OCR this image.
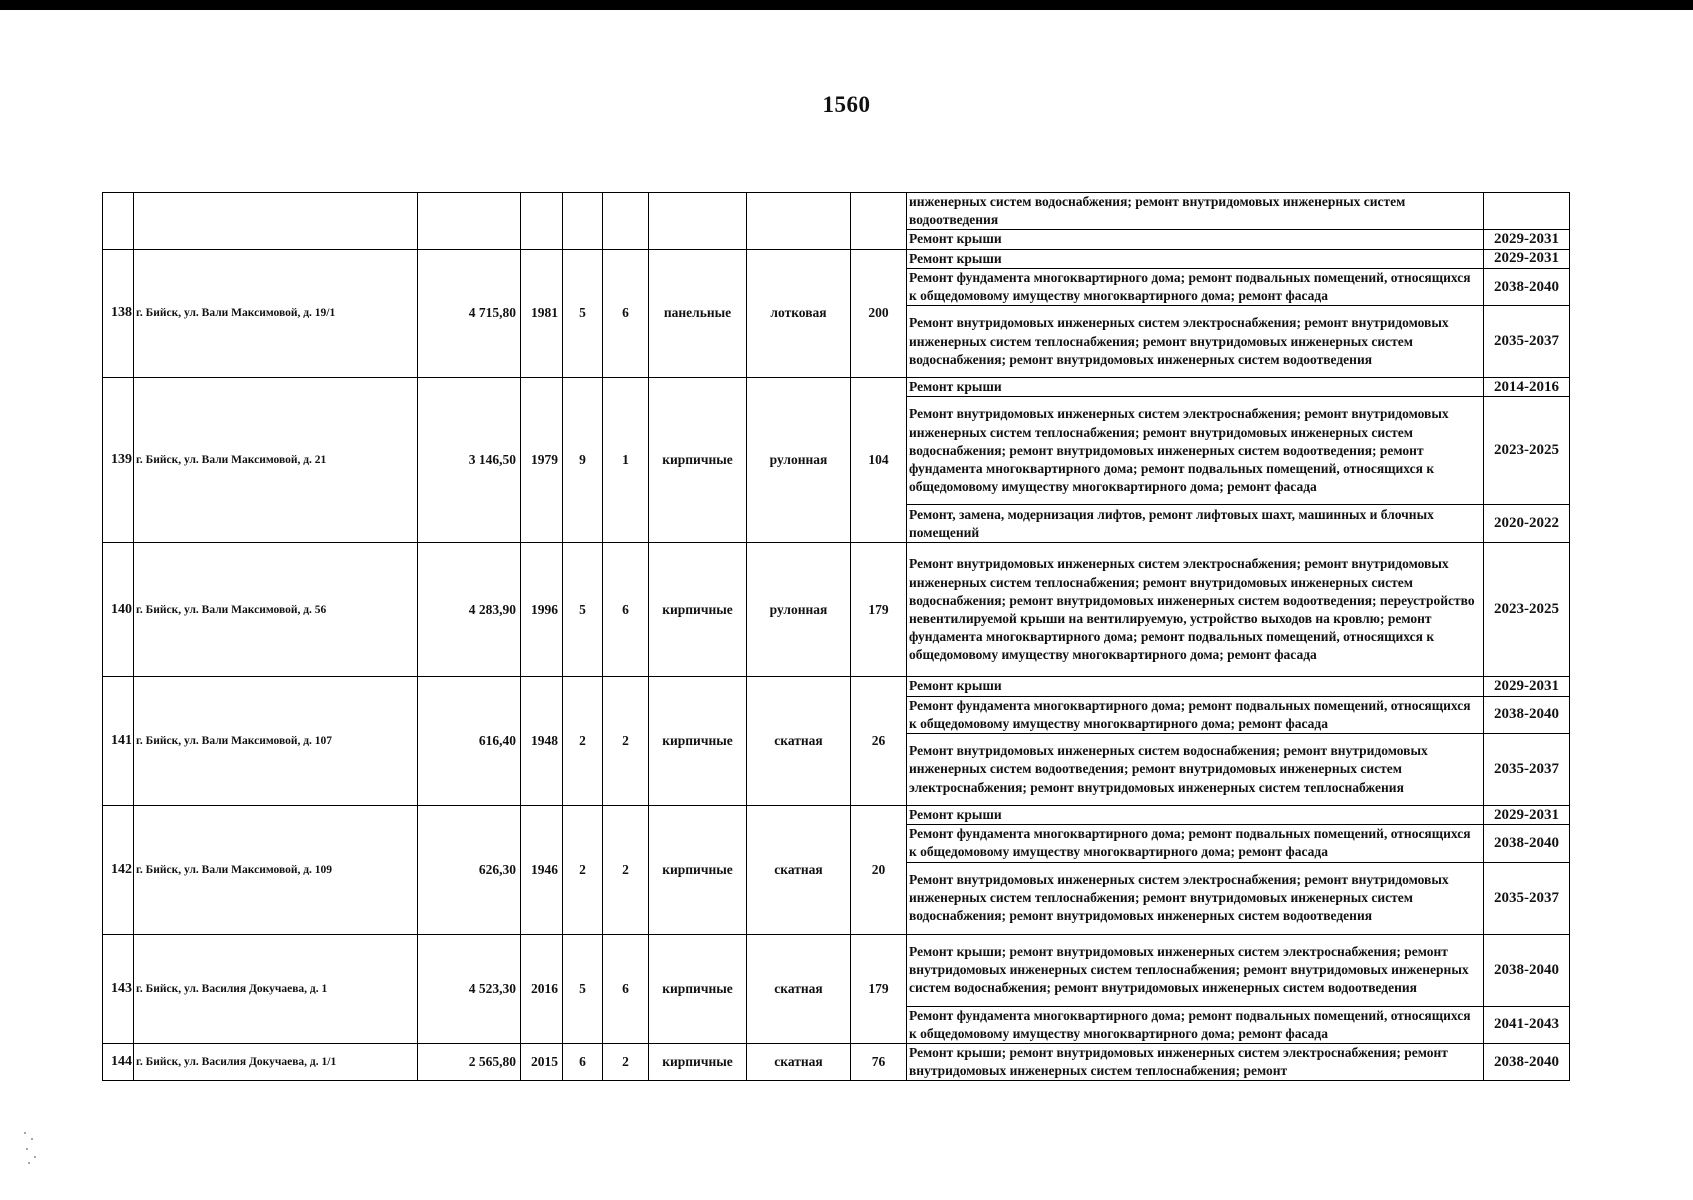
1560
									инженерных систем водоснабжения; ремонт внутридомовых инженерных систем водоотведения	
									Ремонт крыши	2029-2031
138	г. Бийск, ул. Вали Максимовой, д. 19/1	4 715,80	1981	5	6	панельные	лотковая	200	Ремонт крыши	2029-2031
									Ремонт фундамента многоквартирного дома; ремонт подвальных помещений, относящихся к общедомовому имуществу многоквартирного дома; ремонт фасада	2038-2040
									Ремонт внутридомовых инженерных систем электроснабжения; ремонт внутридомовых инженерных систем теплоснабжения; ремонт внутридомовых инженерных систем водоснабжения; ремонт внутридомовых инженерных систем водоотведения	2035-2037
139	г. Бийск, ул. Вали Максимовой, д. 21	3 146,50	1979	9	1	кирпичные	рулонная	104	Ремонт крыши	2014-2016
									Ремонт внутридомовых инженерных систем электроснабжения; ремонт внутридомовых инженерных систем теплоснабжения; ремонт внутридомовых инженерных систем водоснабжения; ремонт внутридомовых инженерных систем водоотведения; ремонт фундамента многоквартирного дома; ремонт подвальных помещений, относящихся к общедомовому имуществу многоквартирного дома; ремонт фасада	2023-2025
									Ремонт, замена, модернизация лифтов, ремонт лифтовых шахт, машинных и блочных помещений	2020-2022
140	г. Бийск, ул. Вали Максимовой, д. 56	4 283,90	1996	5	6	кирпичные	рулонная	179	Ремонт внутридомовых инженерных систем электроснабжения; ремонт внутридомовых инженерных систем теплоснабжения; ремонт внутридомовых инженерных систем водоснабжения; ремонт внутридомовых инженерных систем водоотведения; переустройство невентилируемой крыши на вентилируемую, устройство выходов на кровлю; ремонт фундамента многоквартирного дома; ремонт подвальных помещений, относящихся к общедомовому имуществу многоквартирного дома; ремонт фасада	2023-2025
141	г. Бийск, ул. Вали Максимовой, д. 107	616,40	1948	2	2	кирпичные	скатная	26	Ремонт крыши	2029-2031
									Ремонт фундамента многоквартирного дома; ремонт подвальных помещений, относящихся к общедомовому имуществу многоквартирного дома; ремонт фасада	2038-2040
									Ремонт внутридомовых инженерных систем водоснабжения; ремонт внутридомовых инженерных систем водоотведения; ремонт внутридомовых инженерных систем электроснабжения; ремонт внутридомовых инженерных систем теплоснабжения	2035-2037
142	г. Бийск, ул. Вали Максимовой, д. 109	626,30	1946	2	2	кирпичные	скатная	20	Ремонт крыши	2029-2031
									Ремонт фундамента многоквартирного дома; ремонт подвальных помещений, относящихся к общедомовому имуществу многоквартирного дома; ремонт фасада	2038-2040
									Ремонт внутридомовых инженерных систем электроснабжения; ремонт внутридомовых инженерных систем теплоснабжения; ремонт внутридомовых инженерных систем водоснабжения; ремонт внутридомовых инженерных систем водоотведения	2035-2037
143	г. Бийск, ул. Василия Докучаева, д. 1	4 523,30	2016	5	6	кирпичные	скатная	179	Ремонт крыши; ремонт внутридомовых инженерных систем электроснабжения; ремонт внутридомовых инженерных систем теплоснабжения; ремонт внутридомовых инженерных систем водоснабжения; ремонт внутридомовых инженерных систем водоотведения	2038-2040
									Ремонт фундамента многоквартирного дома; ремонт подвальных помещений, относящихся к общедомовому имуществу многоквартирного дома; ремонт фасада	2041-2043
144	г. Бийск, ул. Василия Докучаева, д. 1/1	2 565,80	2015	6	2	кирпичные	скатная	76	Ремонт крыши; ремонт внутридомовых инженерных систем электроснабжения; ремонт внутридомовых инженерных систем теплоснабжения; ремонт	2038-2040
